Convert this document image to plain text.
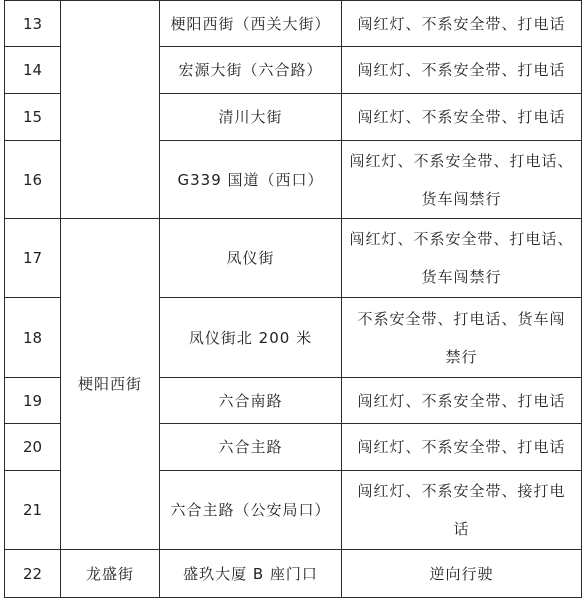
13		梗阳西街（西关大街）	闯红灯、不系安全带、打电话
14		宏源大街（六合路）	闯红灯、不系安全带、打电话
15		清川大街	闯红灯、不系安全带、打电话
16		G339 国道（西口）	闯红灯、不系安全带、打电话、
货车闯禁行
17	梗阳西街	凤仪街	闯红灯、不系安全带、打电话、
货车闯禁行
18		凤仪街北 200 米	不系安全带、打电话、货车闯
禁行
19		六合南路	闯红灯、不系安全带、打电话
20		六合主路	闯红灯、不系安全带、打电话
21		六合主路（公安局口）	闯红灯、不系安全带、接打电
话
22	龙盛街	盛玖大厦 B 座门口	逆向行驶
